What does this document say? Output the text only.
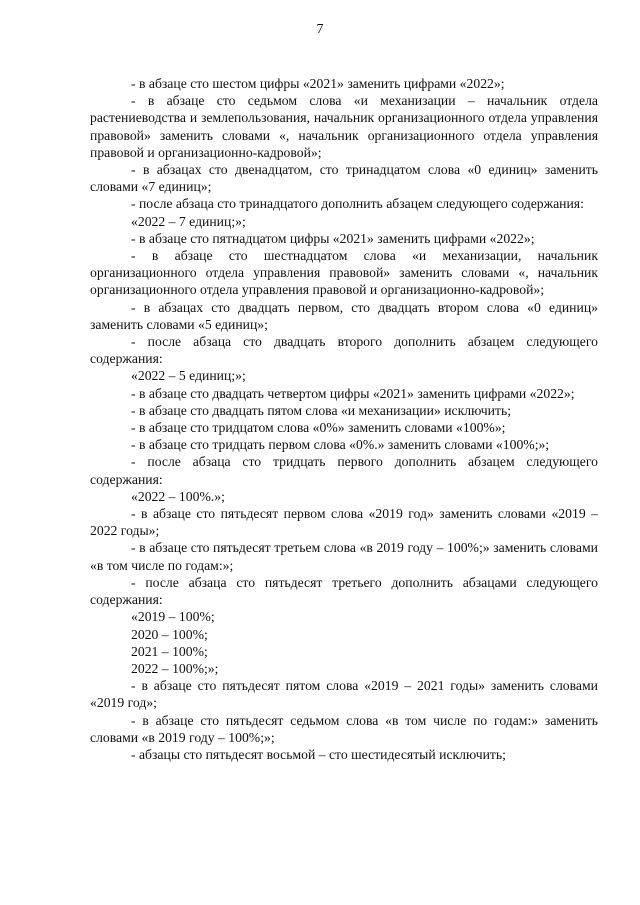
7

- в абзаце сто шестом цифры «2021» заменить цифрами «2022»;

- в абзаце сто седьмом слова «и механизации – начальник отдела растениеводства и землепользования, начальник организационного отдела управления правовой» заменить словами «, начальник организационного отдела управления правовой и организационно-кадровой»;

- в абзацах сто двенадцатом, сто тринадцатом слова «0 единиц» заменить словами «7 единиц»;

- после абзаца сто тринадцатого дополнить абзацем следующего содержания:

«2022 – 7 единиц;»;

- в абзаце сто пятнадцатом цифры «2021» заменить цифрами «2022»;

- в абзаце сто шестнадцатом слова «и механизации, начальник организационного отдела управления правовой» заменить словами «, начальник организационного отдела управления правовой и организационно-кадровой»;

- в абзацах сто двадцать первом, сто двадцать втором слова «0 единиц» заменить словами «5 единиц»;

- после абзаца сто двадцать второго дополнить абзацем следующего содержания:

«2022 – 5 единиц;»;

- в абзаце сто двадцать четвертом цифры «2021» заменить цифрами «2022»;

- в абзаце сто двадцать пятом слова «и механизации» исключить;

- в абзаце сто тридцатом слова «0%» заменить словами «100%»;

- в абзаце сто тридцать первом слова «0%.» заменить словами «100%;»;

- после абзаца сто тридцать первого дополнить абзацем следующего содержания:

«2022 – 100%.»;

- в абзаце сто пятьдесят первом слова «2019 год» заменить словами «2019 – 2022 годы»;

- в абзаце сто пятьдесят третьем слова «в 2019 году – 100%;» заменить словами «в том числе по годам:»;

- после абзаца сто пятьдесят третьего дополнить абзацами следующего содержания:

«2019 – 100%;

2020 – 100%;

2021 – 100%;

2022 – 100%;»;

- в абзаце сто пятьдесят пятом слова «2019 – 2021 годы» заменить словами «2019 год»;

- в абзаце сто пятьдесят седьмом слова «в том числе по годам:» заменить словами «в 2019 году – 100%;»;

- абзацы сто пятьдесят восьмой – сто шестидесятый исключить;
